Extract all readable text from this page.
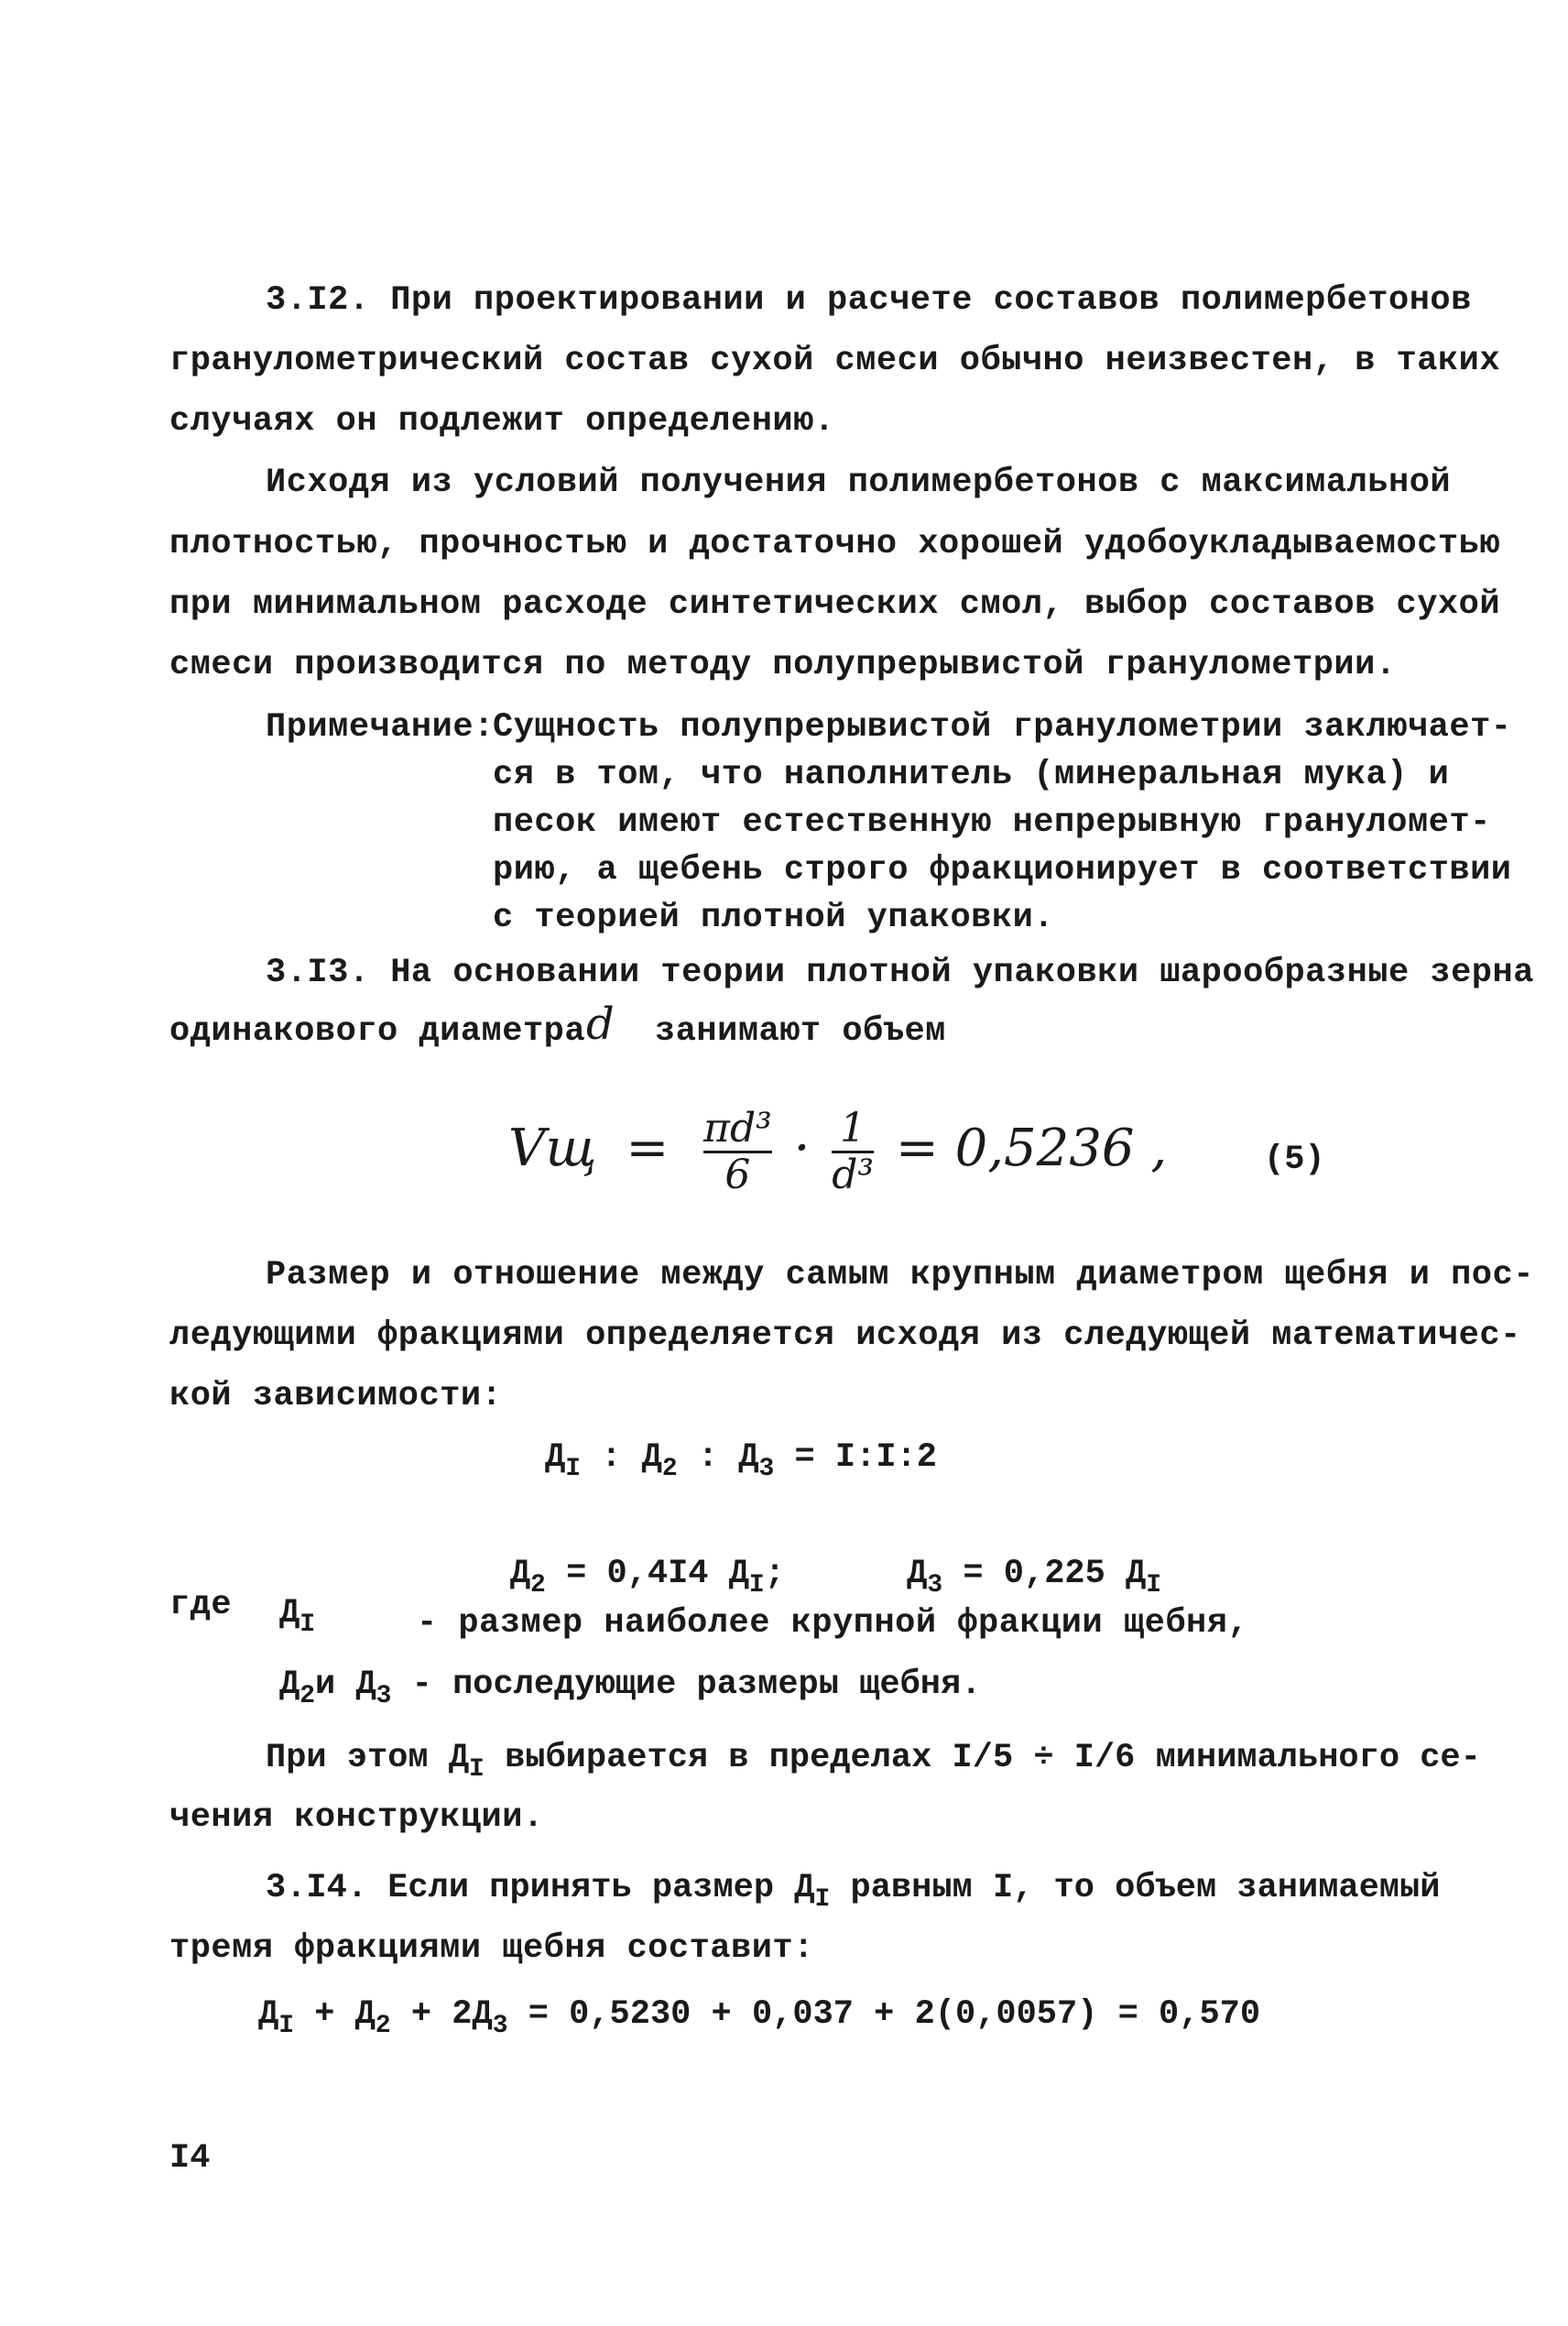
3.I2. При проектировании и расчете составов полимербетонов
гранулометрический состав сухой смеси обычно неизвестен, в таких
случаях он подлежит определению.
Исходя из условий получения полимербетонов с максимальной
плотностью, прочностью и достаточно хорошей удобоукладываемостью
при минимальном расходе синтетических смол, выбор составов сухой
смеси производится по методу полупрерывистой гранулометрии.
Примечание:
Сущность полупрерывистой гранулометрии заключает-
ся в том, что наполнитель (минеральная мука) и
песок имеют естественную непрерывную грануломет-
рию, а щебень строго фракционирует в соответствии
с теорией плотной упаковки.
3.I3. На основании теории плотной упаковки шарообразные зерна
одинакового диаметра d занимают объем
Vщ = $\frac{\text{πd³}}{6} \cdot \frac{1}{\text{d³}} = 0,5236$ ,	(5)
Размер и отношение между самым крупным диаметром щебня и пос-
ледующими фракциями определяется исходя из следующей математичес-
кой зависимости:
$Д_I$ : $Д_2$ : $Д_3$ = I:I:2

$Д_2 = 0,4I4$ $Д_I$;      $Д_3 = 0,225$ $Д_I$

где $Д_I$	- размер наиболее крупной фракции щебня,
$Д_2и$ $Д_3$ - последующие размеры щебня.
При этом $Д_I$ выбирается в пределах I/5 ÷ I/6 минимального се-
чения конструкции.
3.I4. Если принять размер $Д_I$ равным I, то объем занимаемый
тремя фракциями щебня составит:
$Д_I + Д_2 + 2Д_3 = 0,5230 + 0,037 + 2(0,0057) = 0,570$
I4
